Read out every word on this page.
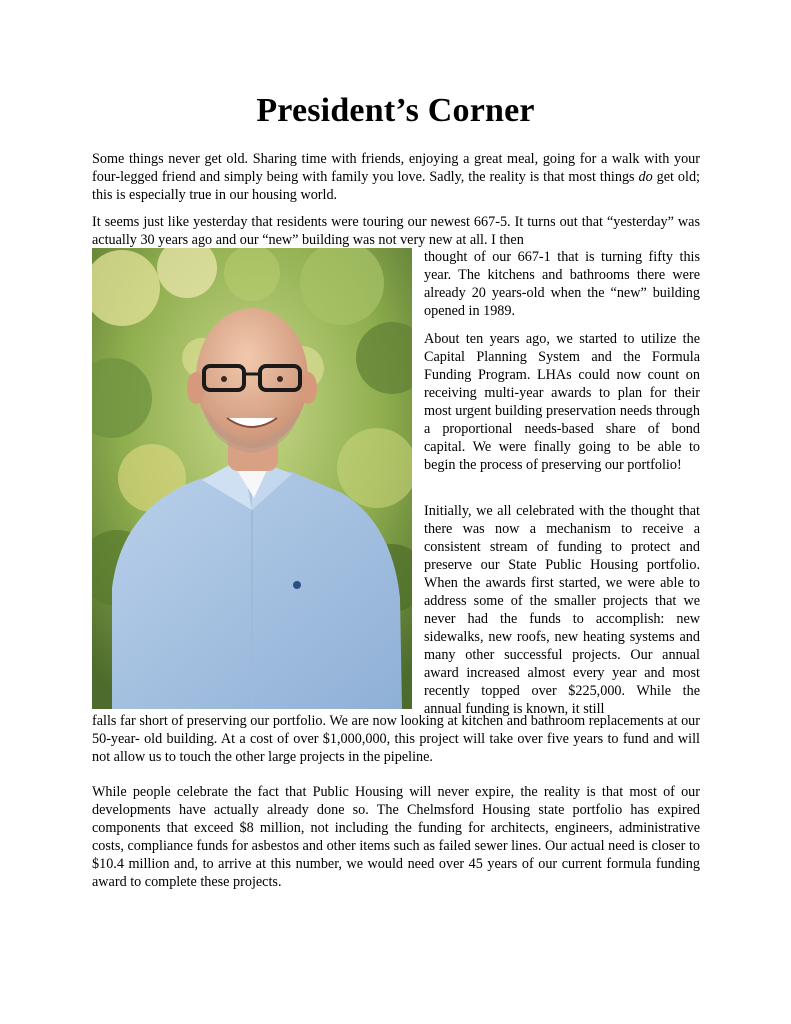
President’s Corner

Some things never get old. Sharing time with friends, enjoying a great meal, going for a walk with your four-legged friend and simply being with family you love. Sadly, the reality is that most things do get old; this is especially true in our housing world.

It seems just like yesterday that residents were touring our newest 667-5. It turns out that “yesterday” was actually 30 years ago and our “new” building was not very new at all. I then

thought of our 667-1 that is turning fifty this year. The kitchens and bathrooms there were already 20 years-old when the “new” building opened in 1989.

About ten years ago, we started to utilize the Capital Planning System and the Formula Funding Program. LHAs could now count on receiving multi-year awards to plan for their most urgent building preservation needs through a proportional needs-based share of bond capital. We were finally going to be able to begin the process of preserving our portfolio!

Initially, we all celebrated with the thought that there was now a mechanism to receive a consistent stream of funding to protect and preserve our State Public Housing portfolio. When the awards first started, we were able to address some of the smaller projects that we never had the funds to accomplish: new sidewalks, new roofs, new heating systems and many other successful projects. Our annual award increased almost every year and most recently topped over $225,000. While the annual funding is known, it still

falls far short of preserving our portfolio. We are now looking at kitchen and bathroom replacements at our 50-year- old building. At a cost of over $1,000,000, this project will take over five years to fund and will not allow us to touch the other large projects in the pipeline.

While people celebrate the fact that Public Housing will never expire, the reality is that most of our developments have actually already done so. The Chelmsford Housing state portfolio has expired components that exceed $8 million, not including the funding for architects, engineers, administrative costs, compliance funds for asbestos and other items such as failed sewer lines. Our actual need is closer to $10.4 million and, to arrive at this number, we would need over 45 years of our current formula funding award to complete these projects.
